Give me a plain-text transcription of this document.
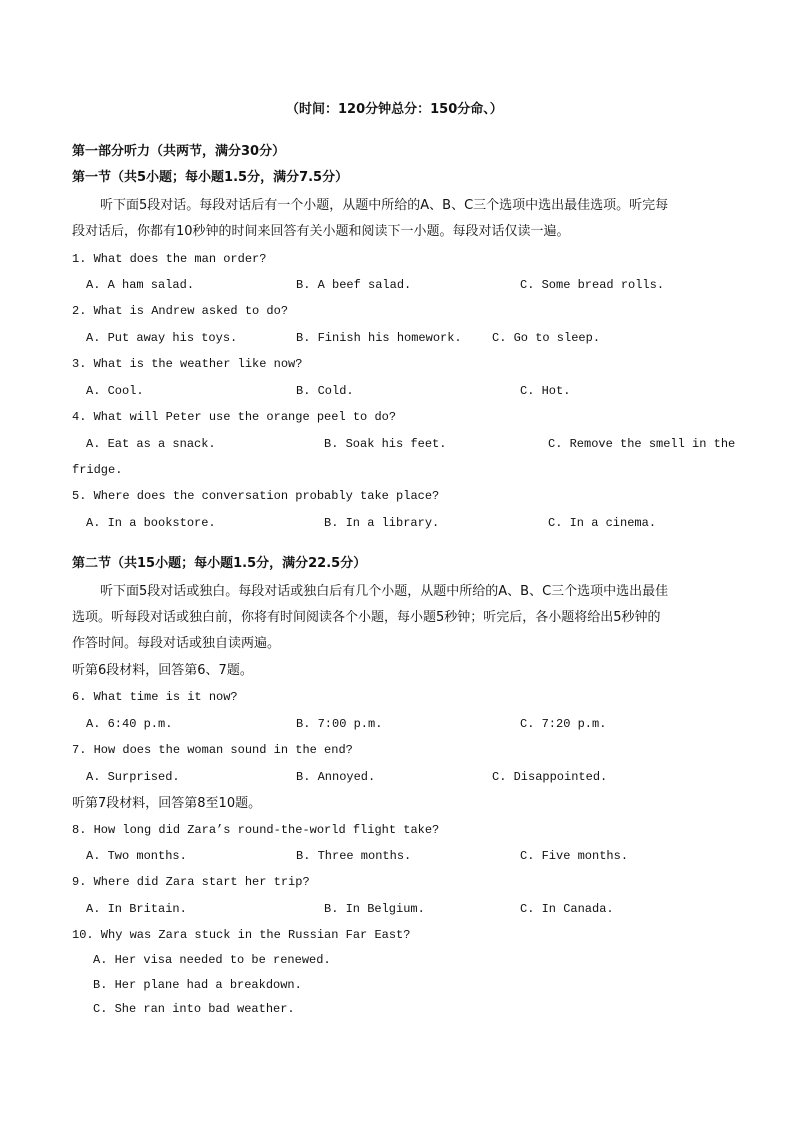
（时间：120分钟总分：150分命、）
第一部分听力（共两节，满分30分）
第一节（共5小题；每小题1.5分，满分7.5分）
听下面5段对话。每段对话后有一个小题，从题中所给的A、B、C三个选项中选出最佳选项。听完每
段对话后，你都有10秒钟的时间来回答有关小题和阅读下一小题。每段对话仅读一遍。
1. What does the man order?
A. A ham salad.	B. A beef salad.	C. Some bread rolls.
2. What is Andrew asked to do?
A. Put away his toys.	B. Finish his homework.	C. Go to sleep.
3. What is the weather like now?
A. Cool.	B. Cold.	C. Hot.
4. What will Peter use the orange peel to do?
A. Eat as a snack.	B. Soak his feet.	C. Remove the smell in the
fridge.
5. Where does the conversation probably take place?
A. In a bookstore.	B. In a library.	C. In a cinema.
第二节（共15小题；每小题1.5分，满分22.5分）
听下面5段对话或独白。每段对话或独白后有几个小题，从题中所给的A、B、C三个选项中选出最佳
选项。听每段对话或独白前，你将有时间阅读各个小题，每小题5秒钟；听完后，各小题将给出5秒钟的
作答时间。每段对话或独自读两遍。
听第6段材料，回答第6、7题。
6. What time is it now?
A. 6:40 p.m.	B. 7:00 p.m.	C. 7:20 p.m.
7. How does the woman sound in the end?
A. Surprised.	B. Annoyed.	C. Disappointed.
听第7段材料，回答第8至10题。
8. How long did Zara’s round-the-world flight take?
A. Two months.	B. Three months.	C. Five months.
9. Where did Zara start her trip?
A. In Britain.	B. In Belgium.	C. In Canada.
10. Why was Zara stuck in the Russian Far East?
A. Her visa needed to be renewed.
B. Her plane had a breakdown.
C. She ran into bad weather.
